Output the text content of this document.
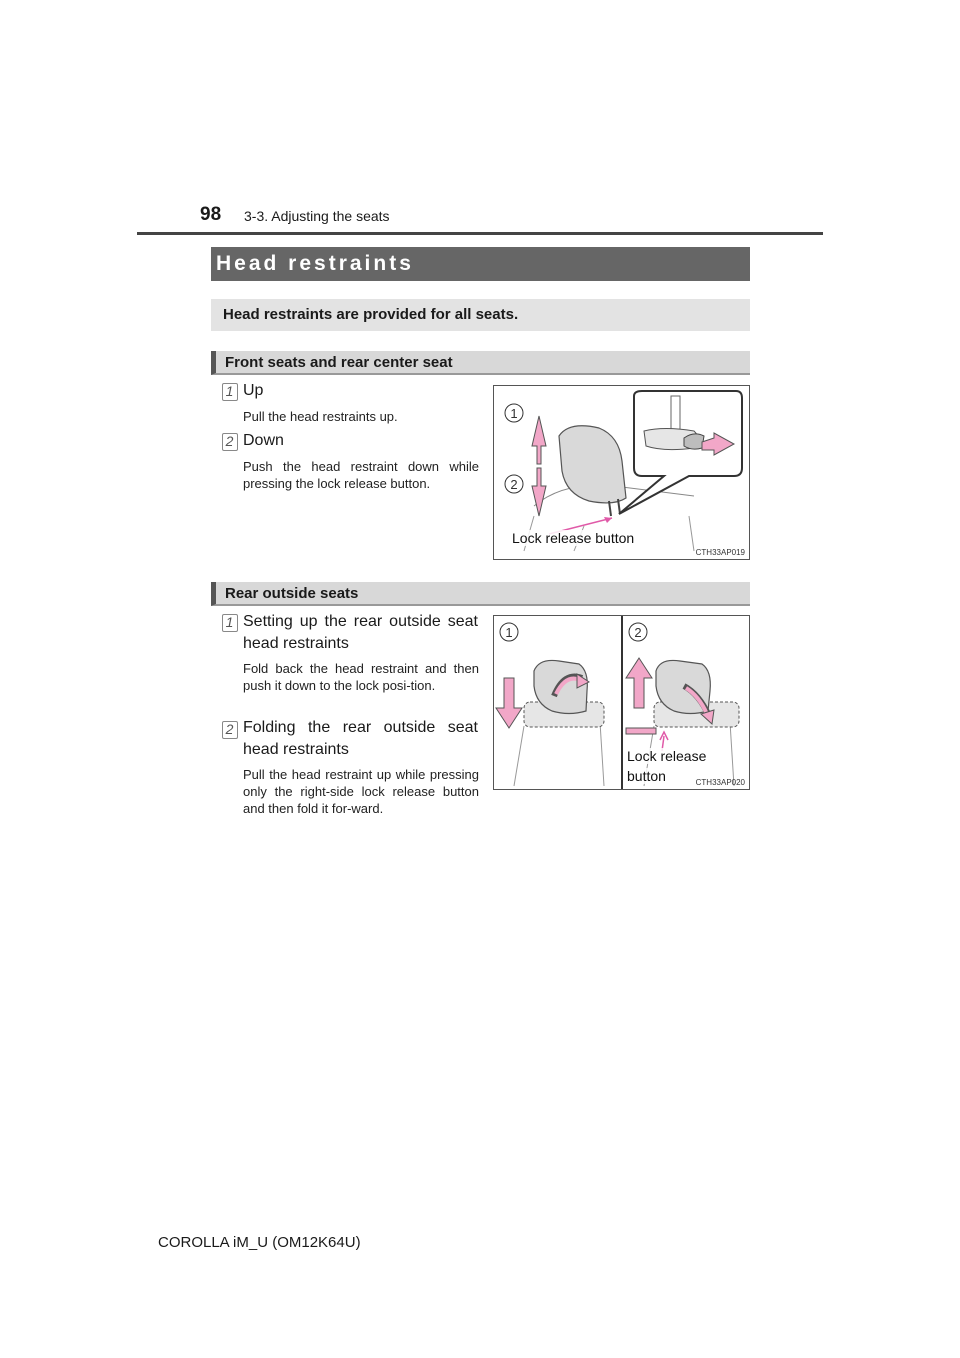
98 3-3. Adjusting the seats
Head restraints
Head restraints are provided for all seats.
Front seats and rear center seat
1 Up
Pull the head restraints up.
2 Down
Push the head restraint down while pressing the lock release button.
1
2
Lock release button
CTH33AP019
Rear outside seats
1 Setting up the rear outside seat head restraints
Fold back the head restraint and then push it down to the lock posi-tion.
2 Folding the rear outside seat head restraints
Pull the head restraint up while pressing only the right-side lock release button and then fold it for-ward.
1	2
Lock release
button	CTH33AP020
COROLLA iM_U (OM12K64U)
